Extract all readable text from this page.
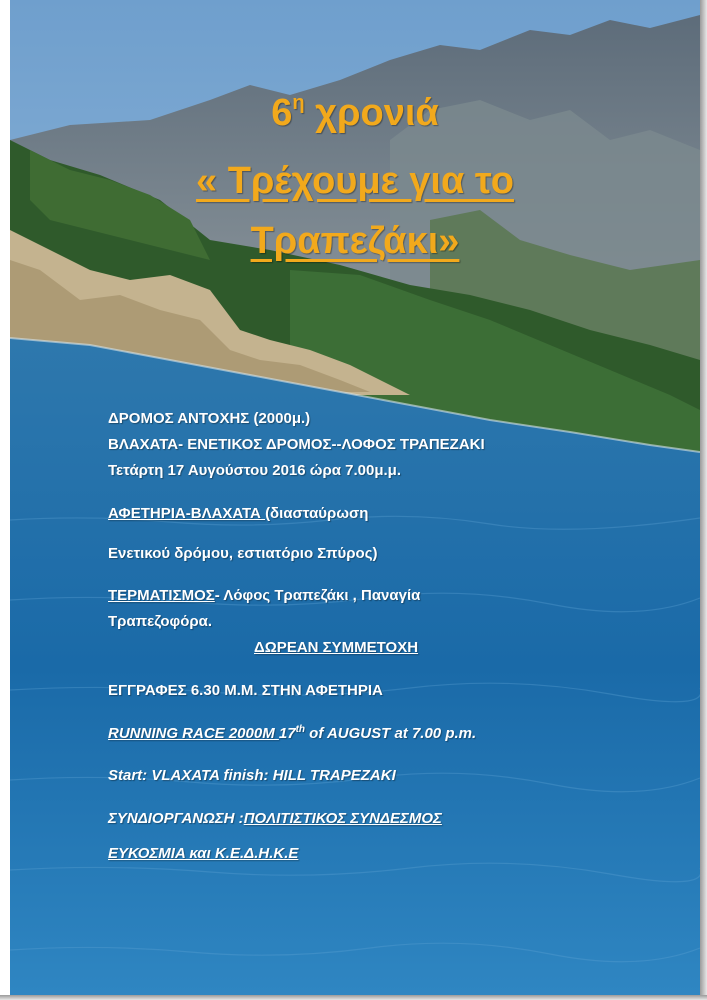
$6^\eta$ χρονιά
« Τρέχουμε για το
Τραπεζάκι»
ΔΡΟΜΟΣ ΑΝΤΟΧΗΣ (2000μ.)
ΒΛΑΧΑΤΑ- ΕΝΕΤΙΚΟΣ ΔΡΟΜΟΣ--ΛΟΦΟΣ ΤΡΑΠΕΖΑΚΙ
Τετάρτη 17 Αυγούστου 2016 ώρα 7.00μ.μ.
ΑΦΕΤΗΡΙΑ-ΒΛΑΧΑΤΑ (διασταύρωση
Ενετικού δρόμου, εστιατόριο Σπύρος)
ΤΕΡΜΑΤΙΣΜΟΣ- Λόφος Τραπεζάκι , Παναγία
Τραπεζοφόρα.
ΔΩΡΕΑΝ ΣΥΜΜΕΤΟΧΗ
ΕΓΓΡΑΦΕΣ 6.30 Μ.Μ. ΣΤΗΝ ΑΦΕΤΗΡΙΑ
RUNNING RACE 2000M 17th of AUGUST at 7.00 p.m.
Start: VLAXATA finish: HILL TRAPEZAKI
ΣΥΝΔΙΟΡΓΑΝΩΣΗ :ΠΟΛΙΤΙΣΤΙΚΟΣ ΣΥΝΔΕΣΜΟΣ
ΕΥΚΟΣΜΙΑ και Κ.Ε.Δ.Η.Κ.Ε
